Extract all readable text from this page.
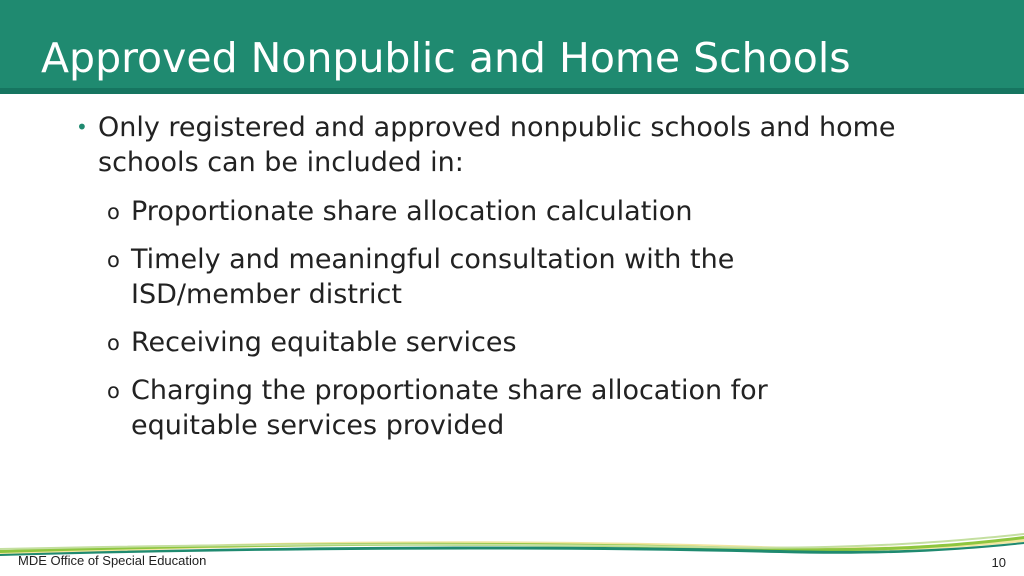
Approved Nonpublic and Home Schools
• Only registered and approved nonpublic schools and home schools can be included in:
o Proportionate share allocation calculation
o Timely and meaningful consultation with the ISD/member district
o Receiving equitable services
o Charging the proportionate share allocation for equitable services provided
MDE Office of Special Education	10
